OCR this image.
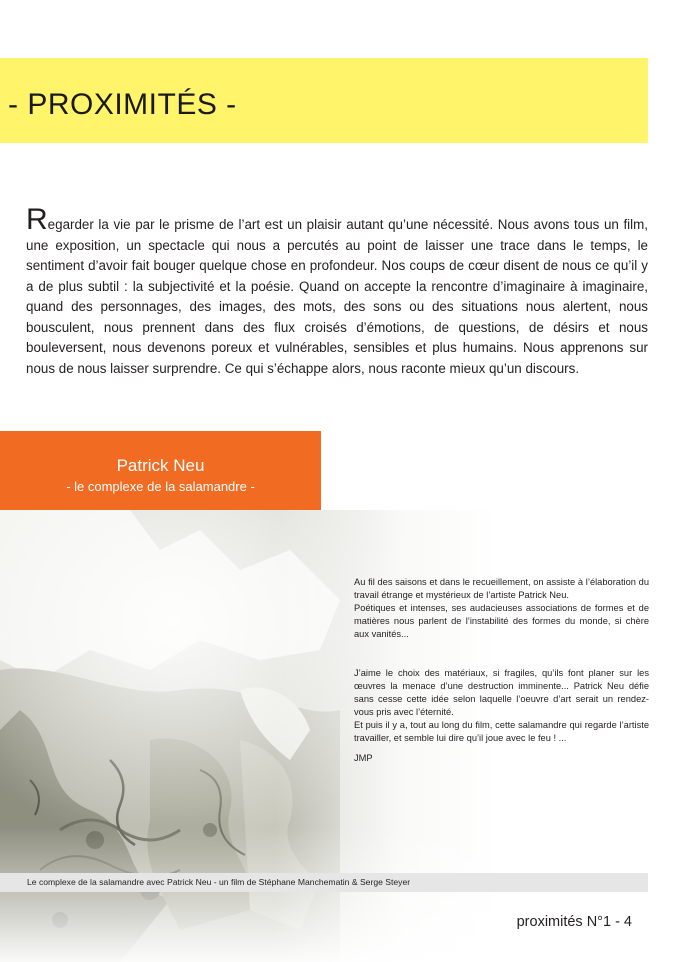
- PROXIMITÉS -
Regarder la vie par le prisme de l’art est un plaisir autant qu’une nécessité. Nous avons tous un film, une exposition, un spectacle qui nous a percutés au point de laisser une trace dans le temps, le sentiment d’avoir fait bouger quelque chose en profondeur. Nos coups de cœur disent de nous ce qu’il y a de plus subtil : la subjectivité et la poésie. Quand on accepte la rencontre d’imaginaire à imaginaire, quand des personnages, des images, des mots, des sons ou des situations nous alertent, nous bousculent, nous prennent dans des flux croisés d’émotions, de questions, de désirs et nous bouleversent, nous devenons poreux et vulnérables, sensibles et plus humains. Nous apprenons sur nous de nous laisser surprendre. Ce qui s’échappe alors, nous raconte mieux qu’un discours.
Patrick Neu
- le complexe de la salamandre -

Au fil des saisons et dans le recueillement, on assiste à l’élaboration du travail étrange et mystérieux de l’artiste Patrick Neu.

Poétiques et intenses, ses audacieuses associations de formes et de matières nous parlent de l’instabilité des formes du monde, si chère aux vanités...

J’aime le choix des matériaux, si fragiles, qu’ils font planer sur les œuvres la menace d’une destruction imminente... Patrick Neu défie sans cesse cette idée selon laquelle l’oeuvre d’art serait un rendez-vous pris avec l’éternité.

Et puis il y a, tout au long du film, cette salamandre qui regarde l’artiste travailler, et semble lui dire qu’il joue avec le feu ! ...

JMP

Le complexe de la salamandre avec Patrick Neu - un film de Stéphane Manchematin & Serge Steyer
proximités N°1 - 4
